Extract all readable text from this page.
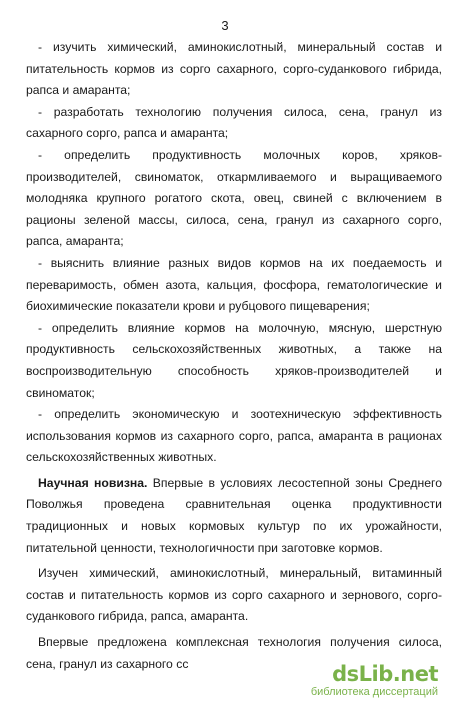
3

- изучить химический, аминокислотный, минеральный состав и питательность кормов из сорго сахарного, сорго-суданкового гибрида, рапса и амаранта;

- разработать технологию получения силоса, сена, гранул из сахарного сорго, рапса и амаранта;

- определить продуктивность молочных коров, хряков-производителей, свиноматок, откармливаемого и выращиваемого молодняка крупного рогатого скота, овец, свиней с включением в рационы зеленой массы, силоса, сена, гранул из сахарного сорго, рапса, амаранта;

- выяснить влияние разных видов кормов на их поедаемость и переваримость, обмен азота, кальция, фосфора, гематологические и биохимические показатели крови и рубцового пищеварения;

- определить влияние кормов на молочную, мясную, шерстную продуктивность сельскохозяйственных животных, а также на воспроизводительную способность хряков-производителей и свиноматок;

- определить экономическую и зоотехническую эффективность использования кормов из сахарного сорго, рапса, амаранта в рационах сельскохозяйственных животных.

Научная новизна. Впервые в условиях лесостепной зоны Среднего Поволжья проведена сравнительная оценка продуктивности традиционных и новых кормовых культур по их урожайности, питательной ценности, технологичности при заготовке кормов.

Изучен химический, аминокислотный, минеральный, витаминный состав и питательность кормов из сорго сахарного и зернового, сорго-суданкового гибрида, рапса, амаранта.

Впервые предложена комплексная технология получения силоса, сена, гранул из сахарного сс	dsLib.net
библиотека диссертаций
